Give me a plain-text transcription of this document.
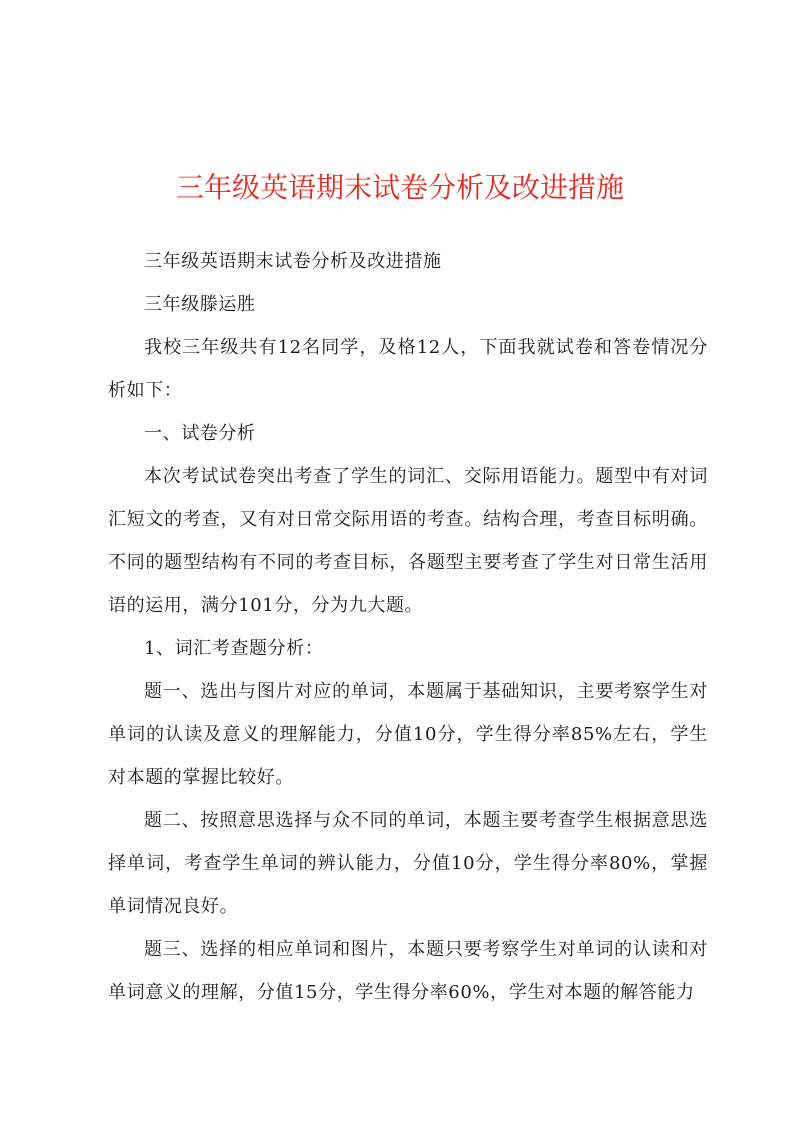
三年级英语期末试卷分析及改进措施

三年级英语期末试卷分析及改进措施

三年级滕运胜

我校三年级共有12名同学，及格12人，下面我就试卷和答卷情况分析如下：

一、试卷分析

本次考试试卷突出考查了学生的词汇、交际用语能力。题型中有对词汇短文的考查，又有对日常交际用语的考查。结构合理，考查目标明确。不同的题型结构有不同的考查目标，各题型主要考查了学生对日常生活用语的运用，满分101分，分为九大题。

1、词汇考查题分析：

题一、选出与图片对应的单词，本题属于基础知识，主要考察学生对单词的认读及意义的理解能力，分值10分，学生得分率85%左右，学生对本题的掌握比较好。

题二、按照意思选择与众不同的单词，本题主要考查学生根据意思选择单词，考查学生单词的辨认能力，分值10分，学生得分率80%，掌握单词情况良好。

题三、选择的相应单词和图片，本题只要考察学生对单词的认读和对单词意义的理解，分值15分，学生得分率60%，学生对本题的解答能力
